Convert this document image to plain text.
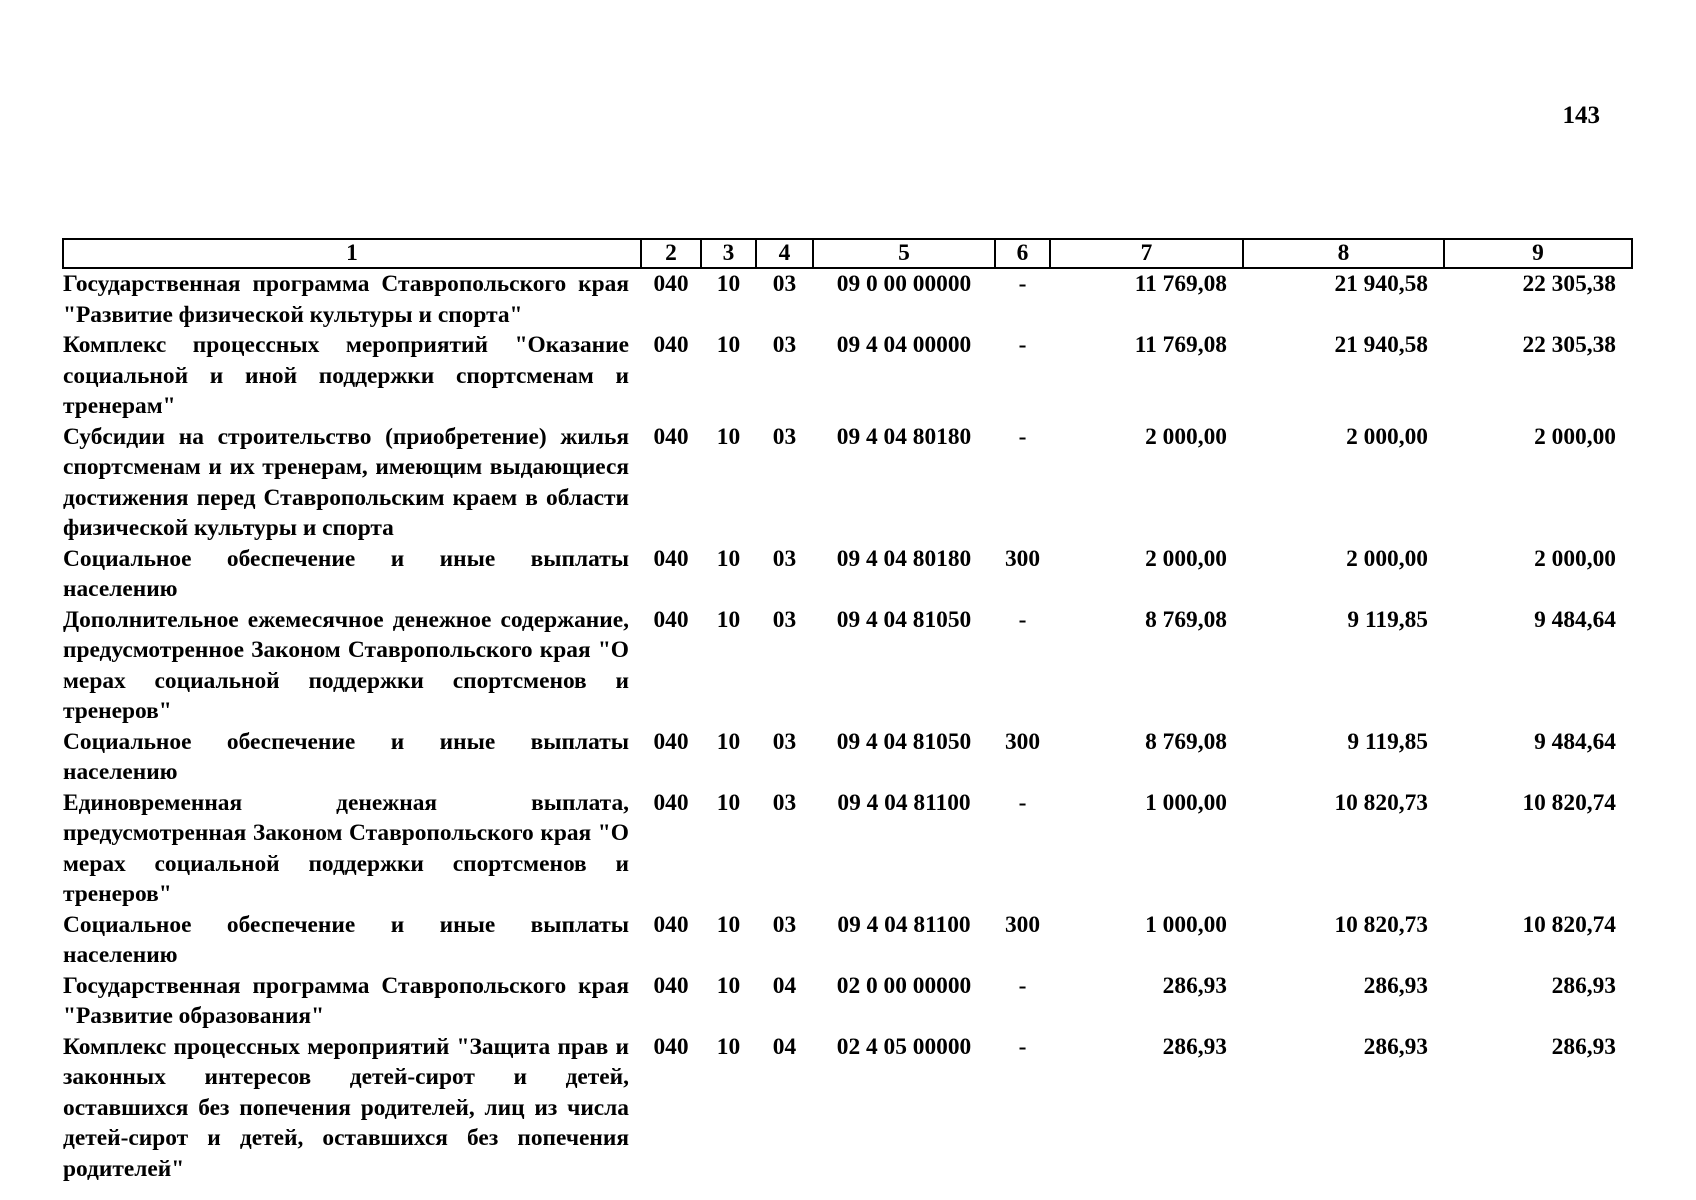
143
1	2	3	4	5	6	7	8	9
Государственная программа Ставропольского края "Развитие физической культуры и спорта"	040	10	03	09 0 00 00000	-	11 769,08	21 940,58	22 305,38
Комплекс процессных мероприятий "Оказание социальной и иной поддержки спортсменам и тренерам"	040	10	03	09 4 04 00000	-	11 769,08	21 940,58	22 305,38
Субсидии на строительство (приобретение) жилья спортсменам и их тренерам, имеющим выдающиеся достижения перед Ставропольским краем в области физической культуры и спорта	040	10	03	09 4 04 80180	-	2 000,00	2 000,00	2 000,00
Социальное обеспечение и иные выплаты населению	040	10	03	09 4 04 80180	300	2 000,00	2 000,00	2 000,00
Дополнительное ежемесячное денежное содержание, предусмотренное Законом Ставропольского края "О мерах социальной поддержки спортсменов и тренеров"	040	10	03	09 4 04 81050	-	8 769,08	9 119,85	9 484,64
Социальное обеспечение и иные выплаты населению	040	10	03	09 4 04 81050	300	8 769,08	9 119,85	9 484,64
Единовременная денежная выплата, предусмотренная Законом Ставропольского края "О мерах социальной поддержки спортсменов и тренеров"	040	10	03	09 4 04 81100	-	1 000,00	10 820,73	10 820,74
Социальное обеспечение и иные выплаты населению	040	10	03	09 4 04 81100	300	1 000,00	10 820,73	10 820,74
Государственная программа Ставропольского края "Развитие образования"	040	10	04	02 0 00 00000	-	286,93	286,93	286,93
Комплекс процессных мероприятий "Защита прав и законных интересов детей-сирот и детей, оставшихся без попечения родителей, лиц из числа детей-сирот и детей, оставшихся без попечения родителей"	040	10	04	02 4 05 00000	-	286,93	286,93	286,93
